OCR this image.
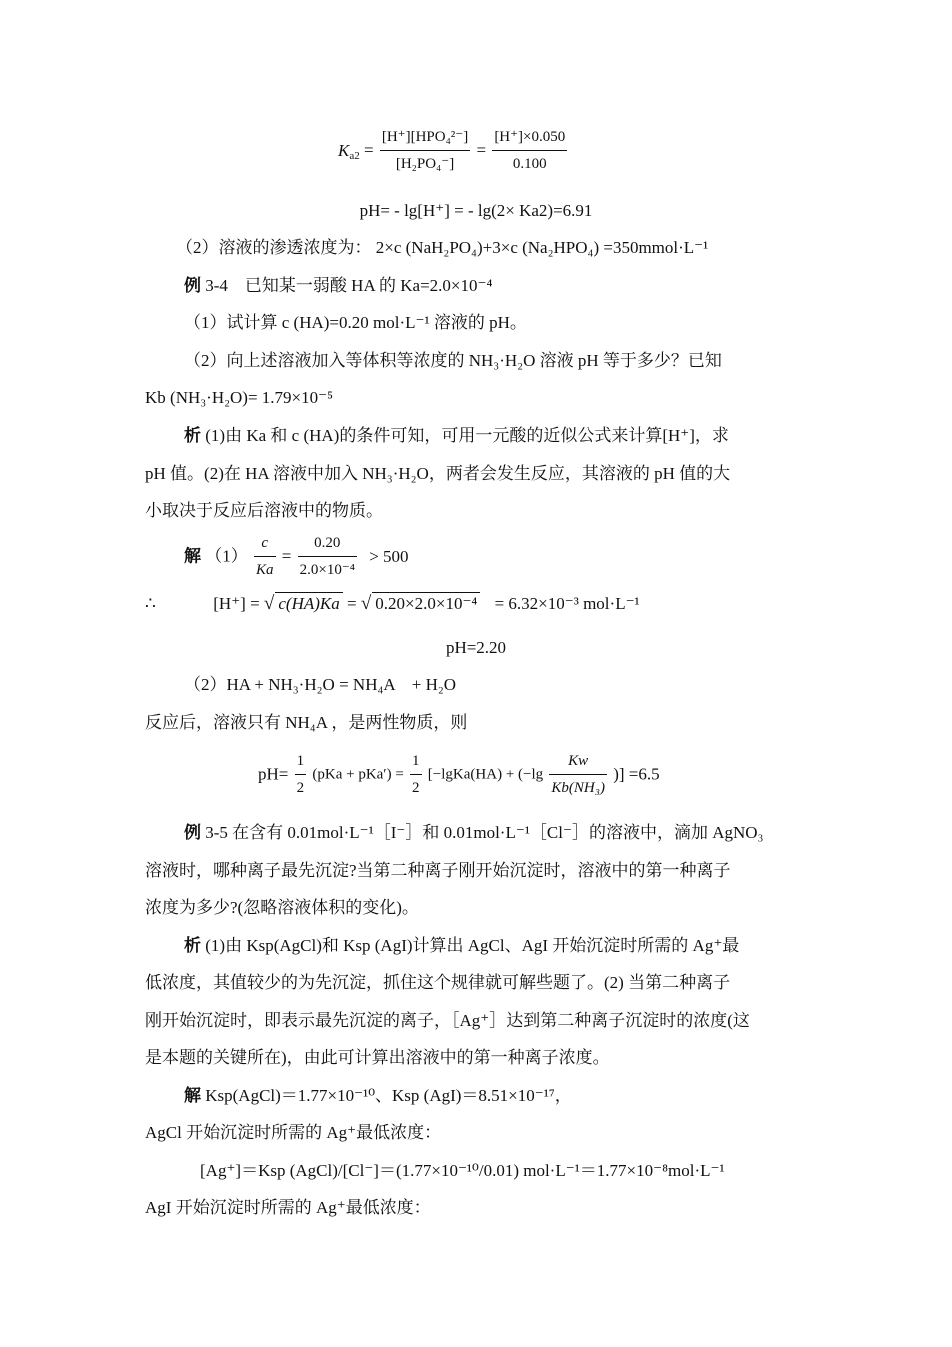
$K_{a2} = \frac{\text{[H⁺][HPO₄²⁻]}}{\text{[H₂PO₄⁻]}} = \frac{[H^+]\times 0.050}{0.100}$
pH= - lg[H⁺] = - lg(2× Ka2)=6.91
（2）溶液的渗透浓度为： 2×c (NaH₂PO₄)+3×c (Na₂HPO₄) =350mmol·L⁻¹
例 3-4　已知某一弱酸 HA 的 Ka=2.0×10⁻⁴
（1）试计算 c (HA)=0.20 mol·L⁻¹ 溶液的 pH。
（2）向上述溶液加入等体积等浓度的 NH₃·H₂O 溶液 pH 等于多少？已知
Kb (NH₃·H₂O)= 1.79×10⁻⁵
析 (1)由 Ka 和 c (HA)的条件可知，可用一元酸的近似公式来计算[H⁺]，求
pH 值。(2)在 HA 溶液中加入 NH₃·H₂O，两者会发生反应，其溶液的 pH 值的大
小取决于反应后溶液中的物质。
解 $(1) \frac{c}{Ka} = \frac{0.20}{\text{2.0×10⁻⁴}} > 500$
∴	[H⁺] = √ c(HA)Ka = √ 0.20×2.0×10⁻⁴ = 6.32×10⁻³ mol·L⁻¹
pH=2.20
（2）HA + NH₃·H₂O = NH₄A　+ H₂O
反应后，溶液只有 NH₄A ，是两性物质，则
$pH= \frac{1}{2} (pKa + pKa') = \frac{1}{2}$ [−lgKa(HA) + ($-\lg \frac{Kw}{\text{Kb(NH₃)}}$ )] =6.5
例 3-5 在含有 0.01mol·L⁻¹［I⁻］和 0.01mol·L⁻¹［Cl⁻］的溶液中，滴加 AgNO₃
溶液时，哪种离子最先沉淀?当第二种离子刚开始沉淀时，溶液中的第一种离子
浓度为多少?(忽略溶液体积的变化)。
析 (1)由 Ksp(AgCl)和 Ksp (AgI)计算出 AgCl、AgI 开始沉淀时所需的 Ag⁺最
低浓度，其值较少的为先沉淀，抓住这个规律就可解些题了。(2) 当第二种离子
刚开始沉淀时，即表示最先沉淀的离子，［Ag⁺］达到第二种离子沉淀时的浓度(这
是本题的关键所在)，由此可计算出溶液中的第一种离子浓度。
解 Ksp(AgCl)＝1.77×10⁻¹⁰、Ksp (AgI)＝8.51×10⁻¹⁷，
AgCl 开始沉淀时所需的 Ag⁺最低浓度：
[Ag⁺]＝Ksp (AgCl)/[Cl⁻]＝(1.77×10⁻¹⁰/0.01) mol·L⁻¹＝1.77×10⁻⁸mol·L⁻¹
AgI 开始沉淀时所需的 Ag⁺最低浓度：
